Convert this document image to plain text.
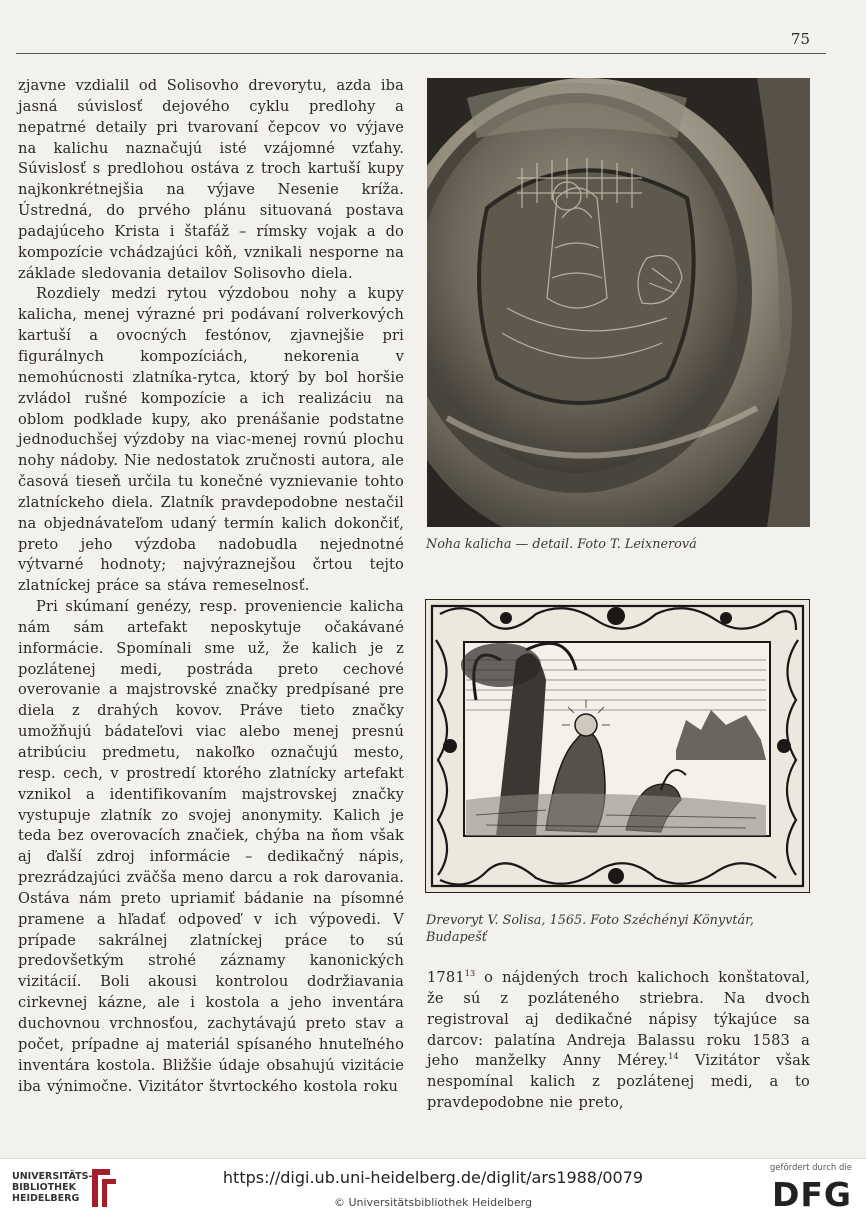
75

zjavne vzdialil od Solisovho drevorytu, azda iba jasná súvislosť dejového cyklu predlohy a nepatrné detaily pri tvarovaní čepcov vo výjave na kalichu naznačujú isté vzájomné vzťahy. Súvislosť s predlohou ostáva z troch kartuší kupy najkonkrétnejšia na výjave Nesenie kríža. Ústredná, do prvého plánu situovaná postava padajúceho Krista i štafáž – rímsky vojak a do kompozície vchádzajúci kôň, vznikali nesporne na základe sledovania detailov Solisovho diela.

Rozdiely medzi rytou výzdobou nohy a kupy kalicha, menej výrazné pri podávaní rolverkových kartuší a ovocných festónov, zjavnejšie pri figurálnych kompozíciách, nekorenia v nemohúcnosti zlatníka-rytca, ktorý by bol horšie zvládol rušné kompozície a ich realizáciu na oblom podklade kupy, ako prenášanie podstatne jednoduchšej výzdoby na viac-menej rovnú plochu nohy nádoby. Nie nedostatok zručnosti autora, ale časová tieseň určila tu konečné vyznievanie tohto zlatníckeho diela. Zlatník pravdepodobne nestačil na objednávateľom udaný termín kalich dokončiť, preto jeho výzdoba nadobudla nejednotné výtvarné hodnoty; najvýraznejšou črtou tejto zlatníckej práce sa stáva remeselnosť.

Pri skúmaní genézy, resp. proveniencie kalicha nám sám artefakt neposkytuje očakávané informácie. Spomínali sme už, že kalich je z pozlátenej medi, postráda preto cechové overovanie a majstrovské značky predpísané pre diela z drahých kovov. Práve tieto značky umožňujú bádateľovi viac alebo menej presnú atribúciu predmetu, nakoľko označujú mesto, resp. cech, v prostredí ktorého zlatnícky artefakt vznikol a identifikovaním majstrovskej značky vystupuje zlatník zo svojej anonymity. Kalich je teda bez overovacích značiek, chýba na ňom však aj ďalší zdroj informácie – dedikačný nápis, prezrádzajúci zväčša meno darcu a rok darovania. Ostáva nám preto upriamiť bádanie na písomné pramene a hľadať odpoveď v ich výpovedi. V prípade sakrálnej zlatníckej práce to sú predovšetkým strohé záznamy kanonických vizitácií. Boli akousi kontrolou dodržiavania cirkevnej kázne, ale i kostola a jeho inventára duchovnou vrchnosťou, zachytávajú preto stav a počet, prípadne aj materiál spísaného hnuteľného inventára kostola. Bližšie údaje obsahujú vizitácie iba výnimočne. Vizitátor štvrtockého kostola roku

Noha kalicha — detail. Foto T. Leixnerová
Drevoryt V. Solisa, 1565. Foto Széchényi Könyvtár, Budapešť

1781$^{13}$ o nájdených troch kalichoch konštatoval, že sú z pozláteného striebra. Na dvoch registroval aj dedikačné nápisy týkajúce sa darcov: palatína Andreja Balassu roku 1583 a jeho manželky Anny Mérey.$^{14}$ Vizitátor však nespomínal kalich z pozlátenej medi, a to pravdepodobne nie preto,

UNIVERSITÄTS-
BIBLIOTHEK
HEIDELBERG
https://digi.ub.uni-heidelberg.de/diglit/ars1988/0079
© Universitätsbibliothek Heidelberg
gefördert durch die
DFG
